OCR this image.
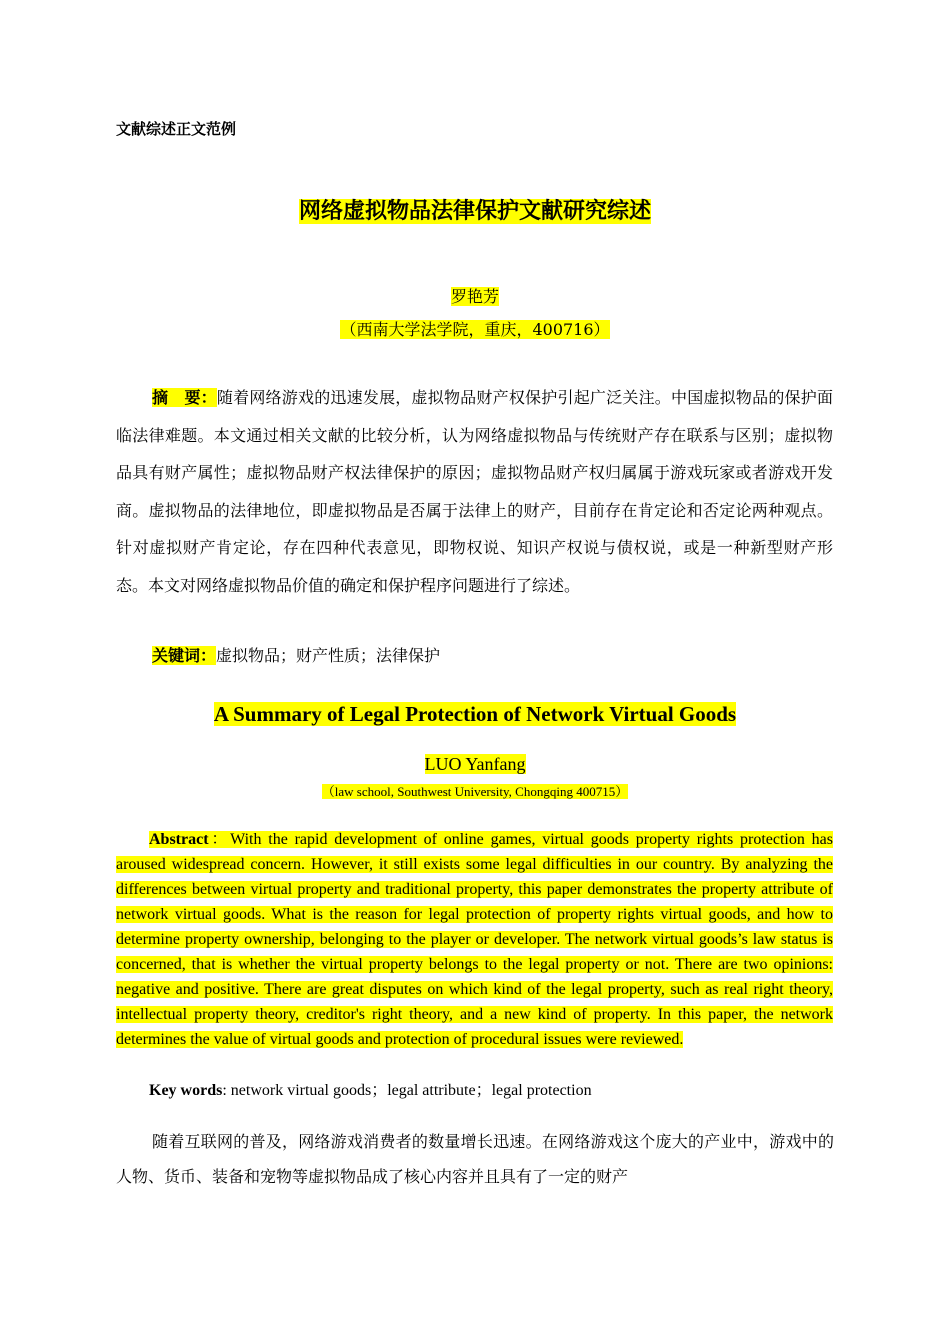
文献综述正文范例
网络虚拟物品法律保护文献研究综述
罗艳芳
（西南大学法学院，重庆，400716）

摘　要：随着网络游戏的迅速发展，虚拟物品财产权保护引起广泛关注。中国虚拟物品的保护面临法律难题。本文通过相关文献的比较分析，认为网络虚拟物品与传统财产存在联系与区别；虚拟物品具有财产属性；虚拟物品财产权法律保护的原因；虚拟物品财产权归属属于游戏玩家或者游戏开发商。虚拟物品的法律地位，即虚拟物品是否属于法律上的财产，目前存在肯定论和否定论两种观点。针对虚拟财产肯定论，存在四种代表意见，即物权说、知识产权说与债权说，或是一种新型财产形态。本文对网络虚拟物品价值的确定和保护程序问题进行了综述。

关键词：虚拟物品；财产性质；法律保护
A Summary of Legal Protection of Network Virtual Goods
LUO Yanfang
（law school, Southwest University, Chongqing 400715）

Abstract：With the rapid development of online games, virtual goods property rights protection has aroused widespread concern. However, it still exists some legal difficulties in our country. By analyzing the differences between virtual property and traditional property, this paper demonstrates the property attribute of network virtual goods. What is the reason for legal protection of property rights virtual goods, and how to determine property ownership, belonging to the player or developer. The network virtual goods’s law status is concerned, that is whether the virtual property belongs to the legal property or not. There are two opinions: negative and positive. There are great disputes on which kind of the legal property, such as real right theory, intellectual property theory, creditor's right theory, and a new kind of property. In this paper, the network determines the value of virtual goods and protection of procedural issues were reviewed.

Key words: network virtual goods；legal attribute；legal protection

随着互联网的普及，网络游戏消费者的数量增长迅速。在网络游戏这个庞大的产业中，游戏中的人物、货币、装备和宠物等虚拟物品成了核心内容并且具有了一定的财产
